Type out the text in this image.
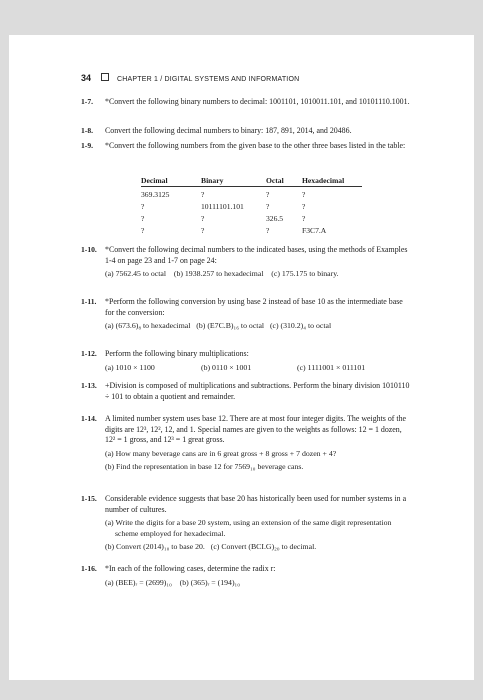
34	CHAPTER 1 / DIGITAL SYSTEMS AND INFORMATION
1-7. *Convert the following binary numbers to decimal: 1001101, 1010011.101, and 10101110.1001.
1-8. Convert the following decimal numbers to binary: 187, 891, 2014, and 20486.
1-9. *Convert the following numbers from the given base to the other three bases listed in the table:
Decimal	Binary	Octal	Hexadecimal
369.3125	?	?	?
?	10111101.101	?	?
?	?	326.5	?
?	?	?	F3C7.A
1-10. *Convert the following decimal numbers to the indicated bases, using the methods of Examples 1-4 on page 23 and 1-7 on page 24:
(a) 7562.45 to octal (b) 1938.257 to hexadecimal (c) 175.175 to binary.
1-11. *Perform the following conversion by using base 2 instead of base 10 as the intermediate base for the conversion:
(a) (673.6)₈ to hexadecimal (b) (E7C.B)₁₆ to octal (c) (310.2)₄ to octal
1-12. Perform the following binary multiplications:
(a) 1010 × 1100	(b) 0110 × 1001	(c) 1111001 × 011101
1-13. +Division is composed of multiplications and subtractions. Perform the binary division 1010110 ÷ 101 to obtain a quotient and remainder.
1-14. A limited number system uses base 12. There are at most four integer digits. The weights of the digits are 12³, 12², 12, and 1. Special names are given to the weights as follows: 12 = 1 dozen, 12² = 1 gross, and 12³ = 1 great gross.
(a) How many beverage cans are in 6 great gross + 8 gross + 7 dozen + 4?
(b) Find the representation in base 12 for 7569₁₀ beverage cans.
1-15. Considerable evidence suggests that base 20 has historically been used for number systems in a number of cultures.
(a) Write the digits for a base 20 system, using an extension of the same digit representation scheme employed for hexadecimal.
(b) Convert (2014)₁₀ to base 20. (c) Convert (BCI.G)₂₀ to decimal.
1-16. *In each of the following cases, determine the radix r:
(a) (BEE)ᵣ = (2699)₁₀ (b) (365)ᵣ = (194)₁₀
